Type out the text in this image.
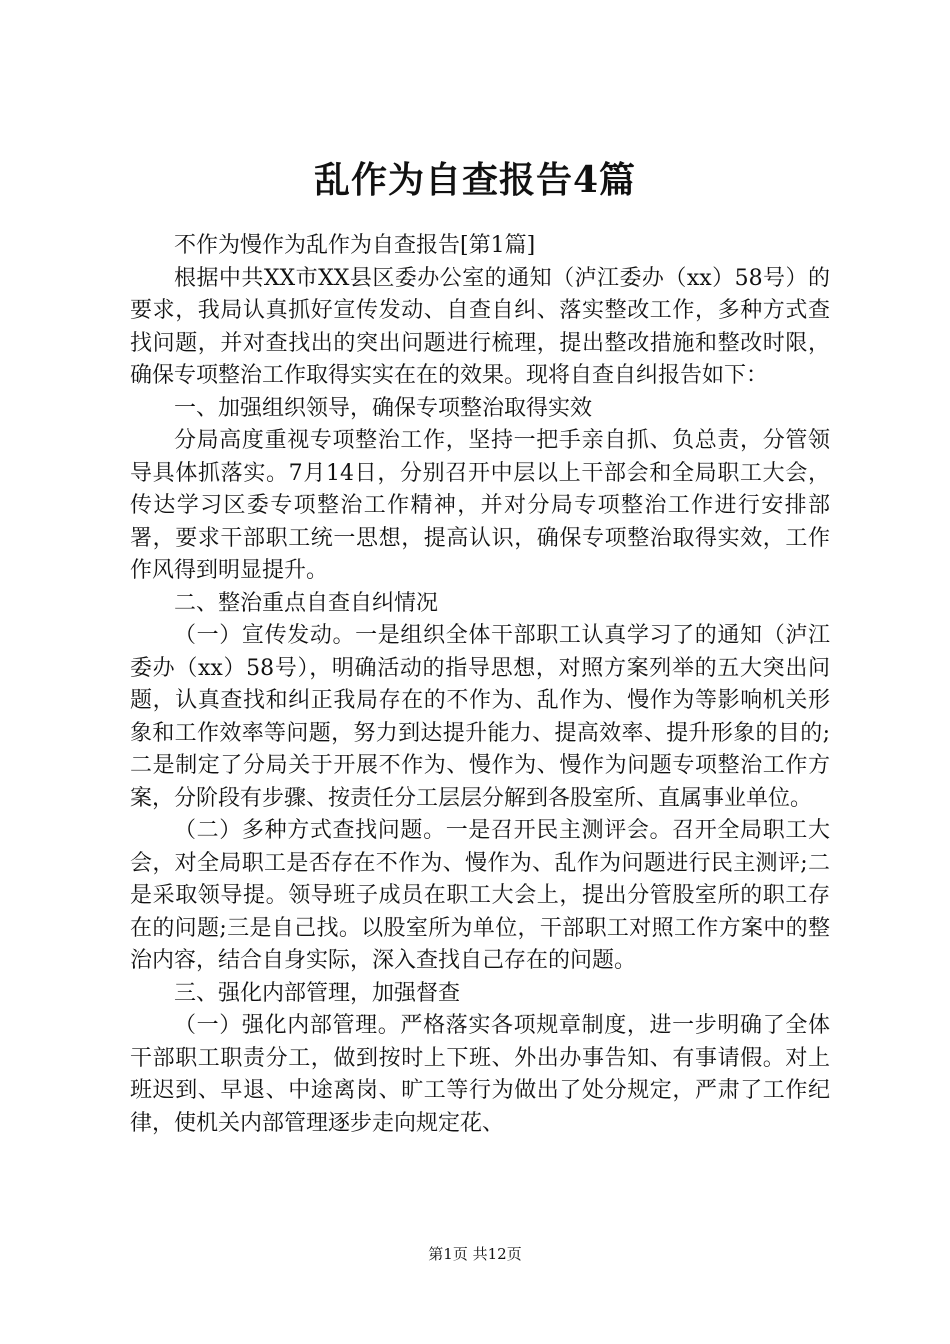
乱作为自查报告4篇

不作为慢作为乱作为自查报告[第1篇]

根据中共XX市XX县区委办公室的通知（泸江委办（xx）58号）的要求，我局认真抓好宣传发动、自查自纠、落实整改工作，多种方式查找问题，并对查找出的突出问题进行梳理，提出整改措施和整改时限，确保专项整治工作取得实实在在的效果。现将自查自纠报告如下：

一、加强组织领导，确保专项整治取得实效

分局高度重视专项整治工作，坚持一把手亲自抓、负总责，分管领导具体抓落实。7月14日，分别召开中层以上干部会和全局职工大会，传达学习区委专项整治工作精神，并对分局专项整治工作进行安排部署，要求干部职工统一思想，提高认识，确保专项整治取得实效，工作作风得到明显提升。

二、整治重点自查自纠情况

（一）宣传发动。一是组织全体干部职工认真学习了的通知（泸江委办（xx）58号），明确活动的指导思想，对照方案列举的五大突出问题，认真查找和纠正我局存在的不作为、乱作为、慢作为等影响机关形象和工作效率等问题，努力到达提升能力、提高效率、提升形象的目的;二是制定了分局关于开展不作为、慢作为、慢作为问题专项整治工作方案，分阶段有步骤、按责任分工层层分解到各股室所、直属事业单位。

（二）多种方式查找问题。一是召开民主测评会。召开全局职工大会，对全局职工是否存在不作为、慢作为、乱作为问题进行民主测评;二是采取领导提。领导班子成员在职工大会上，提出分管股室所的职工存在的问题;三是自己找。以股室所为单位，干部职工对照工作方案中的整治内容，结合自身实际，深入查找自己存在的问题。

三、强化内部管理，加强督查

（一）强化内部管理。严格落实各项规章制度，进一步明确了全体干部职工职责分工，做到按时上下班、外出办事告知、有事请假。对上班迟到、早退、中途离岗、旷工等行为做出了处分规定，严肃了工作纪律，使机关内部管理逐步走向规定花、

第1页 共12页
